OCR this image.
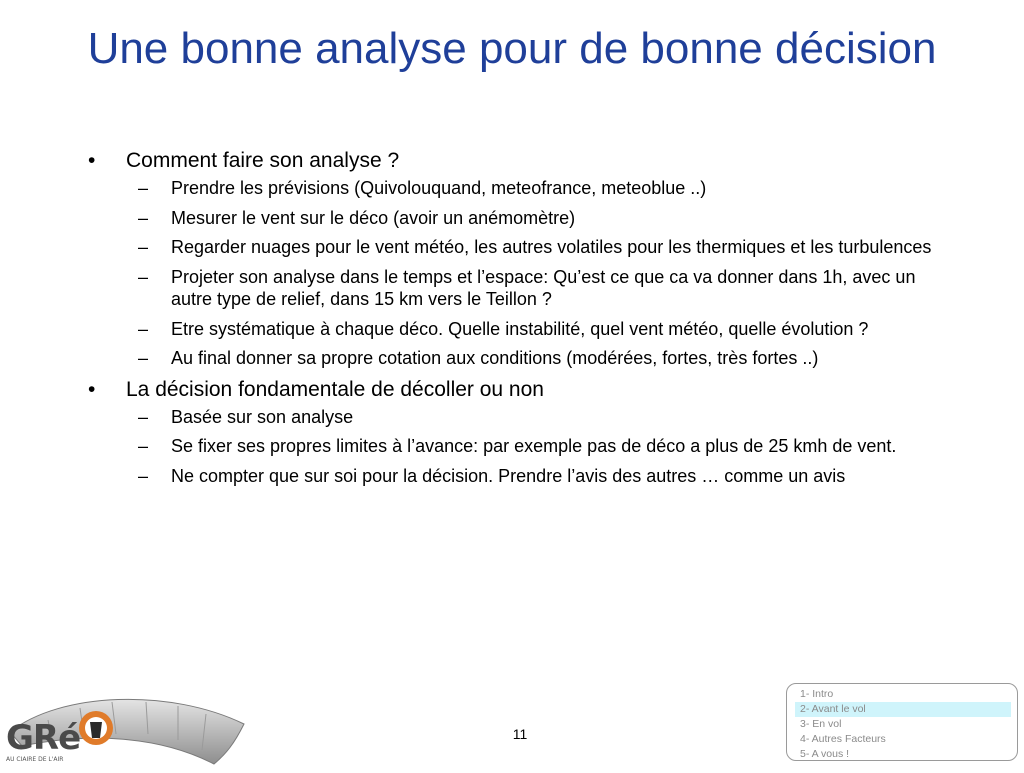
Une bonne analyse pour de bonne décision
•	Comment faire son analyse ?
– Prendre les prévisions (Quivolouquand, meteofrance, meteoblue ..)
– Mesurer le vent sur le déco (avoir un anémomètre)
– Regarder nuages pour le vent météo, les autres volatiles pour les thermiques et les turbulences
– Projeter son analyse dans le temps et l’espace: Qu’est ce que ca va donner dans 1h, avec un autre type de relief, dans 15 km vers le Teillon ?
– Etre systématique à chaque déco. Quelle instabilité, quel vent météo, quelle évolution ?
– Au final donner sa propre cotation aux conditions (modérées, fortes, très fortes ..)
•	La décision fondamentale de décoller ou non
– Basée sur son analyse
– Se fixer ses propres limites à l’avance: par exemple pas de déco a plus de 25 kmh de vent.
– Ne compter que sur soi pour la décision. Prendre l’avis des autres … comme un avis
GRé
AU CIAIRE DE L'AIR
11
1- Intro
2- Avant le vol
3- En vol
4- Autres Facteurs
5- A vous !
